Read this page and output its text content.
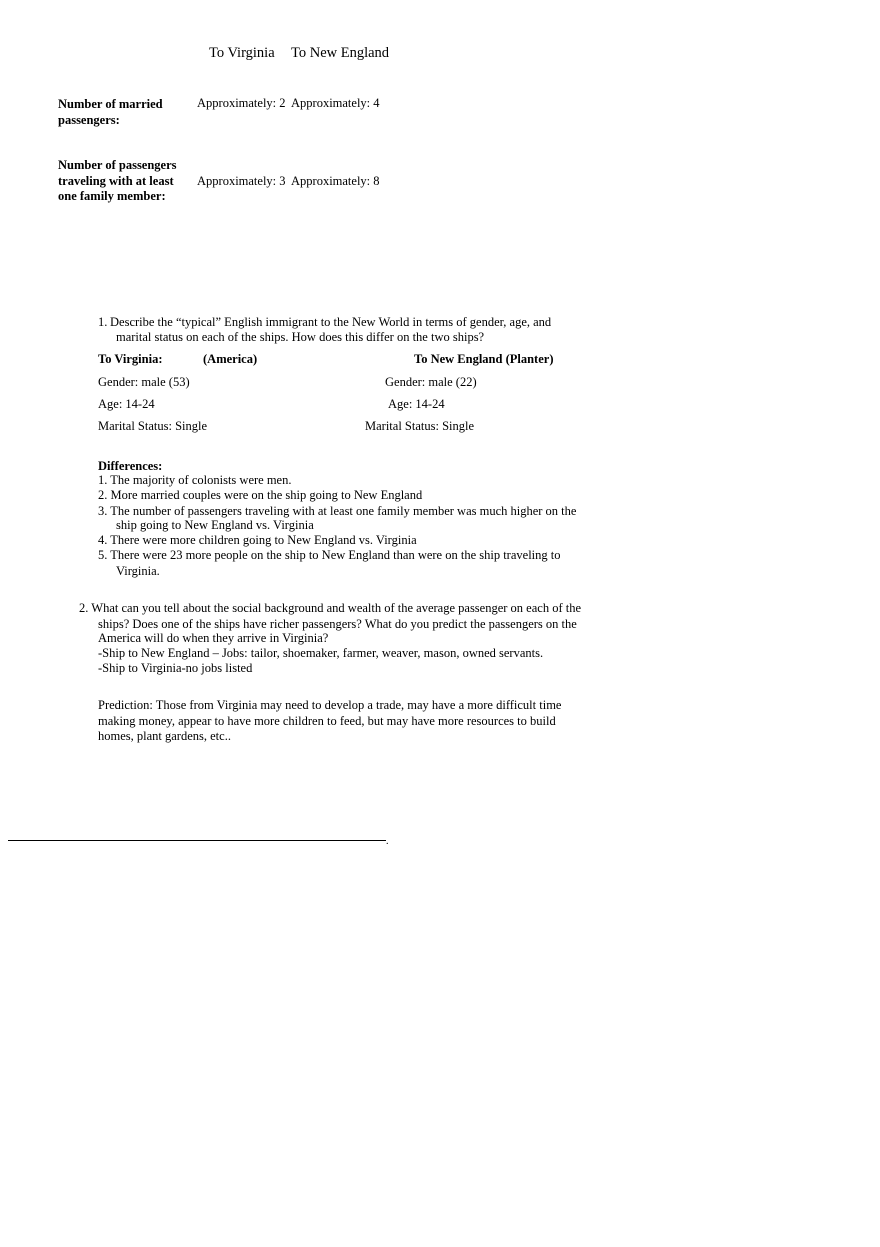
To Virginia To New England
Number of married passengers:
Approximately: 2 Approximately: 4
Number of passengers traveling with at least one family member:
Approximately: 3 Approximately: 8
1. Describe the “typical” English immigrant to the New World in terms of gender, age, and
marital status on each of the ships. How does this differ on the two ships?
To Virginia:	(America)	To New England (Planter)
Gender: male (53)	Gender: male (22)
Age: 14-24	Age: 14-24
Marital Status: Single	Marital Status: Single
Differences:
1. The majority of colonists were men.
2. More married couples were on the ship going to New England
3. The number of passengers traveling with at least one family member was much higher on the
ship going to New England vs. Virginia
4. There were more children going to New England vs. Virginia
5. There were 23 more people on the ship to New England than were on the ship traveling to
Virginia.
2. What can you tell about the social background and wealth of the average passenger on each of the
ships? Does one of the ships have richer passengers? What do you predict the passengers on the
America will do when they arrive in Virginia?
-Ship to New England – Jobs: tailor, shoemaker, farmer, weaver, mason, owned servants.
-Ship to Virginia-no jobs listed
Prediction: Those from Virginia may need to develop a trade, may have a more difficult time
making money, appear to have more children to feed, but may have more resources to build
homes, plant gardens, etc..
.
